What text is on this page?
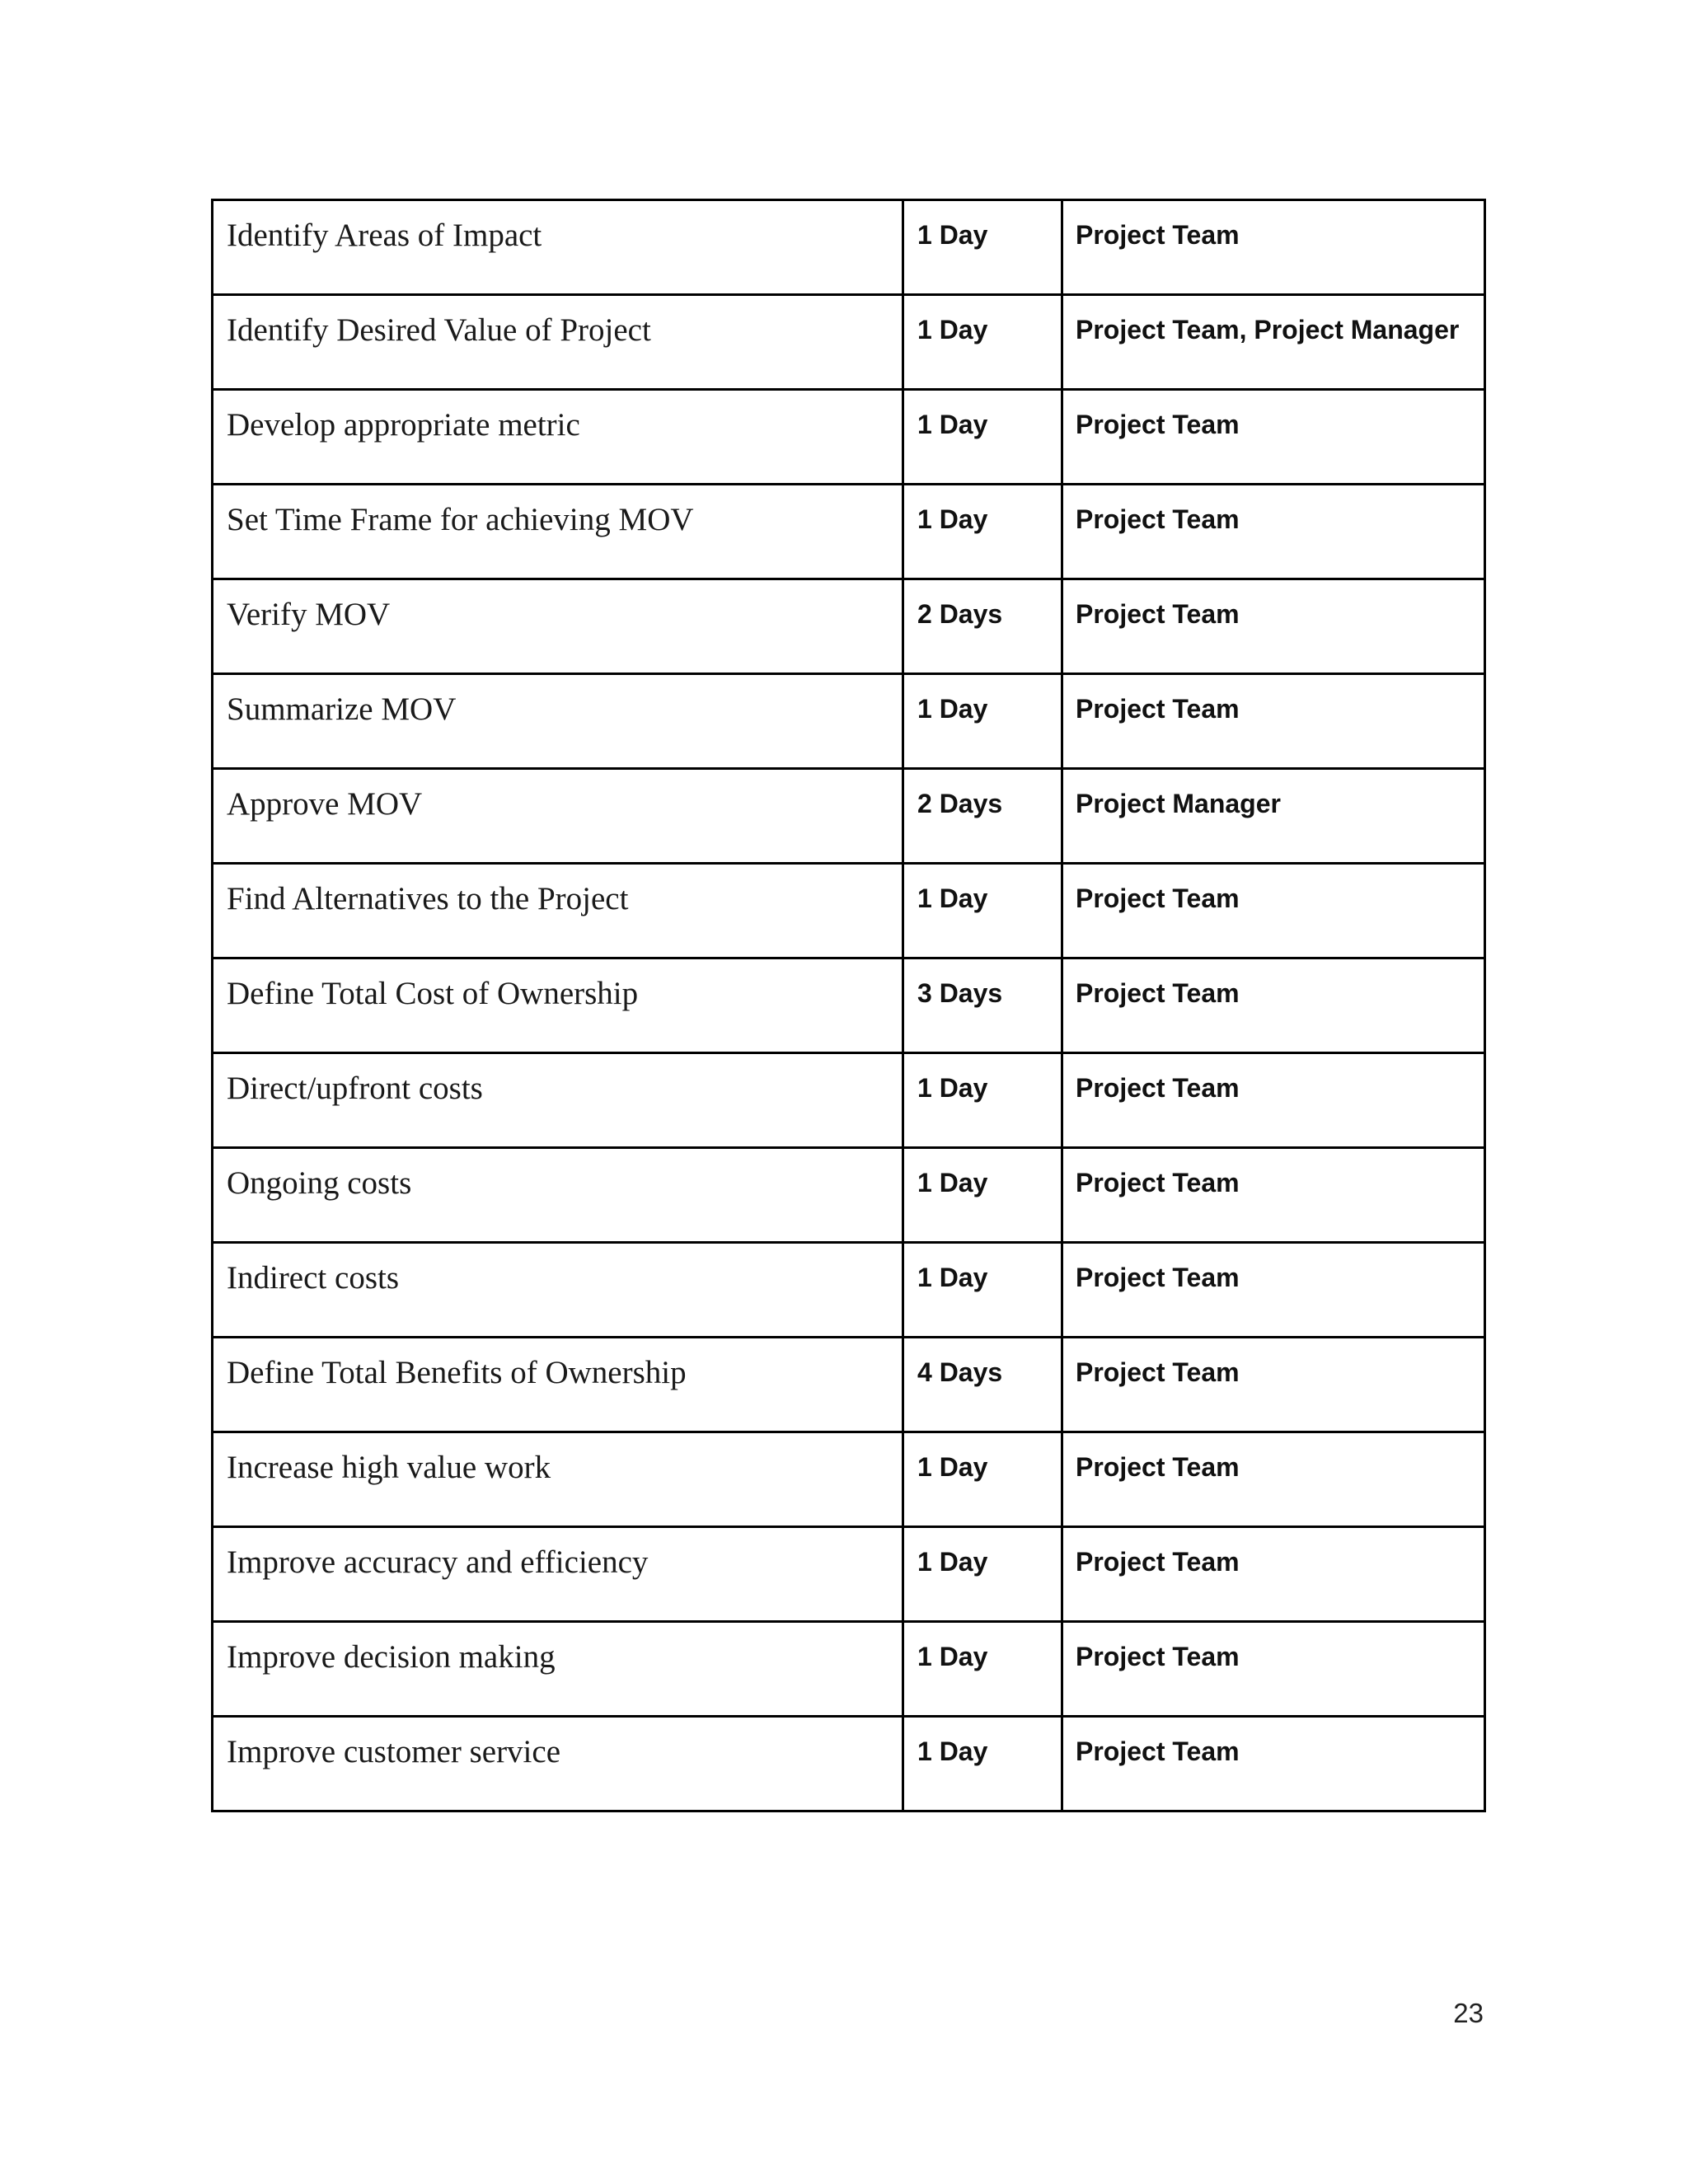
Identify Areas of Impact	1 Day	Project Team

Identify Desired Value of Project	1 Day	Project Team, Project Manager

Develop appropriate metric	1 Day	Project Team

Set Time Frame for achieving MOV	1 Day	Project Team

Verify MOV	2 Days	Project Team

Summarize MOV	1 Day	Project Team

Approve MOV	2 Days	Project Manager

Find Alternatives to the Project	1 Day	Project Team

Define Total Cost of Ownership	3 Days	Project Team

Direct/upfront costs	1 Day	Project Team

Ongoing costs	1 Day	Project Team

Indirect costs	1 Day	Project Team

Define Total Benefits of Ownership	4 Days	Project Team

Increase high value work	1 Day	Project Team

Improve accuracy and efficiency	1 Day	Project Team

Improve decision making	1 Day	Project Team

Improve customer service	1 Day	Project Team
23
